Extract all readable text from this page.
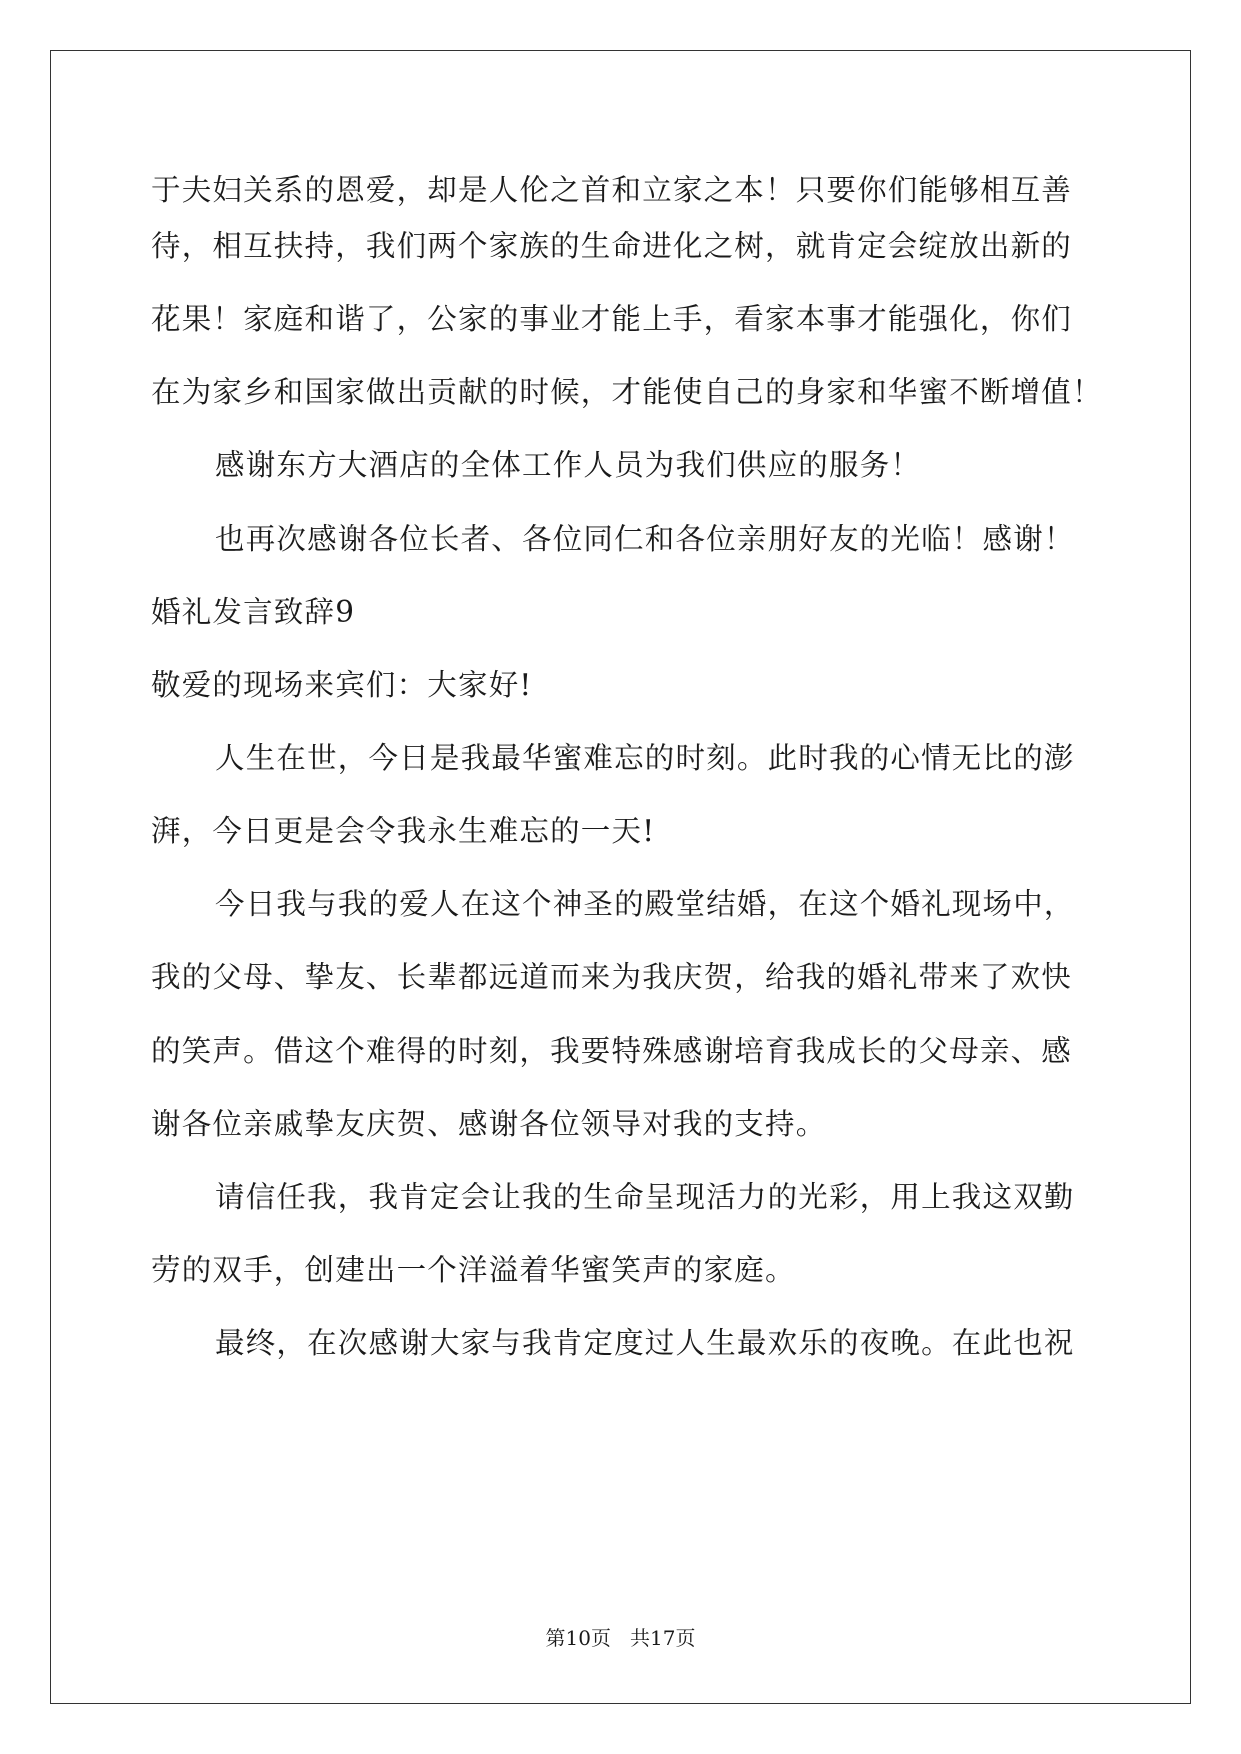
于夫妇关系的恩爱，却是人伦之首和立家之本！只要你们能够相互善
待，相互扶持，我们两个家族的生命进化之树，就肯定会绽放出新的
花果！家庭和谐了，公家的事业才能上手，看家本事才能强化，你们
在为家乡和国家做出贡献的时候，才能使自己的身家和华蜜不断增值！
感谢东方大酒店的全体工作人员为我们供应的服务！
也再次感谢各位长者、各位同仁和各位亲朋好友的光临！感谢！
婚礼发言致辞9
敬爱的现场来宾们：大家好!
人生在世，今日是我最华蜜难忘的时刻。此时我的心情无比的澎
湃，今日更是会令我永生难忘的一天!
今日我与我的爱人在这个神圣的殿堂结婚，在这个婚礼现场中，
我的父母、挚友、长辈都远道而来为我庆贺，给我的婚礼带来了欢快
的笑声。借这个难得的时刻，我要特殊感谢培育我成长的父母亲、感
谢各位亲戚挚友庆贺、感谢各位领导对我的支持。
请信任我，我肯定会让我的生命呈现活力的光彩，用上我这双勤
劳的双手，创建出一个洋溢着华蜜笑声的家庭。
最终，在次感谢大家与我肯定度过人生最欢乐的夜晚。在此也祝
第10页   共17页
